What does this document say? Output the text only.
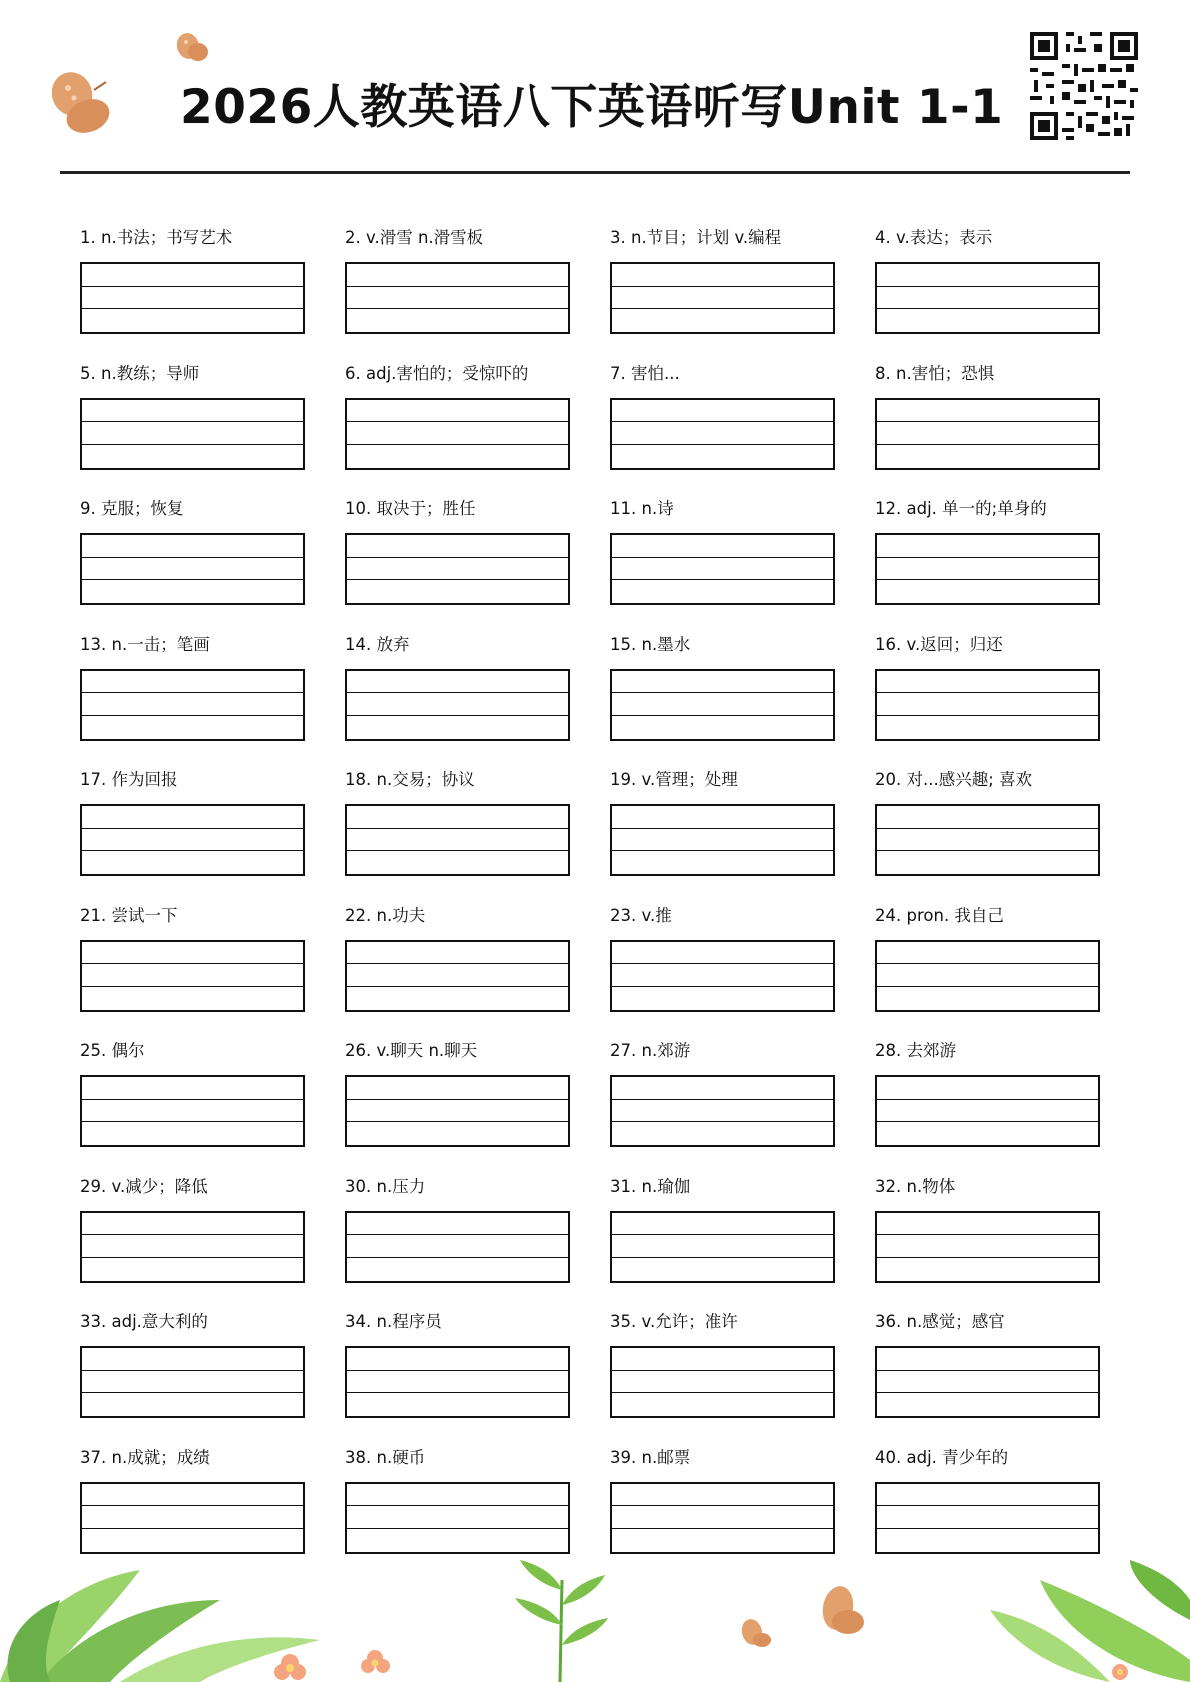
2026人教英语八下英语听写Unit 1-1
1. n.书法；书写艺术	2. v.滑雪 n.滑雪板	3. n.节目；计划 v.编程	4. v.表达；表示
5. n.教练；导师	6. adj.害怕的；受惊吓的	7. 害怕...	8. n.害怕；恐惧
9. 克服；恢复	10. 取决于；胜任	11. n.诗	12. adj. 单一的;单身的
13. n.一击；笔画	14. 放弃	15. n.墨水	16. v.返回；归还
17. 作为回报	18. n.交易；协议	19. v.管理；处理	20. 对...感兴趣; 喜欢
21. 尝试一下	22. n.功夫	23. v.推	24. pron. 我自己
25. 偶尔	26. v.聊天 n.聊天	27. n.郊游	28. 去郊游
29. v.减少；降低	30. n.压力	31. n.瑜伽	32. n.物体
33. adj.意大利的	34. n.程序员	35. v.允许；准许	36. n.感觉；感官
37. n.成就；成绩	38. n.硬币	39. n.邮票	40. adj. 青少年的
